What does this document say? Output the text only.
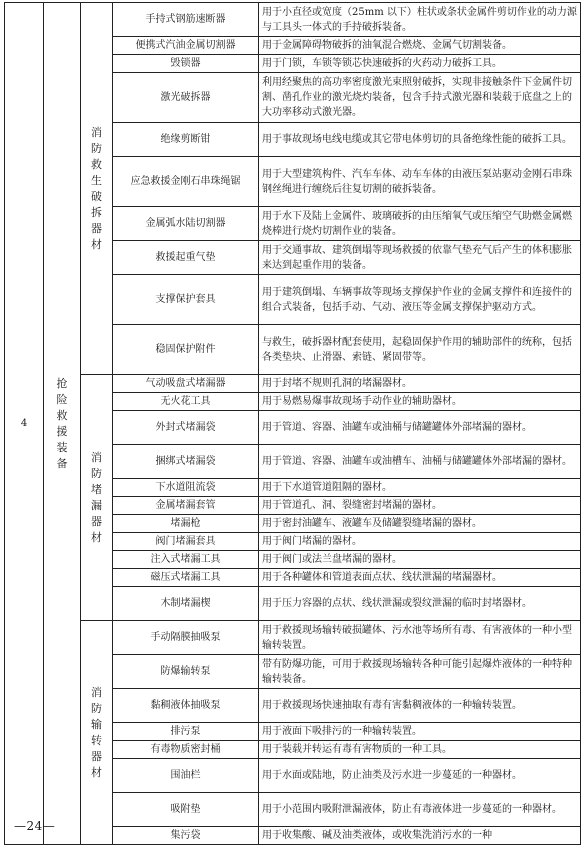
4	抢险救援装备	消防救生破拆器材	手持式钢筋速断器	用于小直径或宽度（25mm 以下）柱状或条状金属件剪切作业的动力源与工具头一体式的手持破拆装备。
			便携式汽油金属切割器	用于金属障碍物破拆的油氧混合燃烧、金属气切割装备。
			毁锁器	用于门锁，车锁等锁芯快速破拆的火药动力破拆工具。
			激光破拆器	利用经聚焦的高功率密度激光束照射破拆，实现非接触条件下金属件切割、凿孔作业的激光烧灼装备，包含手持式激光器和装载于底盘之上的大功率移动式激光器。
			绝缘剪断钳	用于事故现场电线电缆或其它带电体剪切的具备绝缘性能的破拆工具。
			应急救援金刚石串珠绳锯	用于大型建筑构件、汽车车体、动车车体的由液压泵站驱动金刚石串珠钢丝绳进行缠绕后往复切割的破拆装备。
			金属弧水陆切割器	用于水下及陆上金属件、玻璃破拆的由压缩氧气或压缩空气助燃金属燃烧棒进行烧灼切割作业的装备。
			救援起重气垫	用于交通事故、建筑倒塌等现场救援的依靠气垫充气后产生的体积膨胀来达到起重作用的装备。
			支撑保护套具	用于建筑倒塌、车辆事故等现场支撑保护作业的金属支撑件和连接件的组合式装备，包括手动、气动、液压等金属支撑保护驱动方式。
			稳固保护附件	与救生，破拆器材配套使用，起稳固保护作用的辅助部件的统称，包括各类垫块、止滑器、索链、紧固带等。

		消防堵漏器材	气动吸盘式堵漏器	用于封堵不规则孔洞的堵漏器材。
			无火花工具	用于易燃易爆事故现场手动作业的辅助器材。
			外封式堵漏袋	用于管道、容器、油罐车或油桶与储罐罐体外部堵漏的器材。
			捆绑式堵漏袋	用于管道、容器、油罐车或油槽车、油桶与储罐罐体外部堵漏的器材。
			下水道阻流袋	用于下水道管道阻隔的器材。
			金属堵漏套管	用于管道孔、洞、裂缝密封堵漏的器材。
			堵漏枪	用于密封油罐车、液罐车及储罐裂缝堵漏的器材。
			阀门堵漏套具	用于阀门堵漏的器材。
			注入式堵漏工具	用于阀门或法兰盘堵漏的器材。
			磁压式堵漏工具	用于各种罐体和管道表面点状、线状泄漏的堵漏器材。
			木制堵漏楔	用于压力容器的点状、线状泄漏或裂纹泄漏的临时封堵器材。

		消防输转器材	手动隔膜抽吸泵	用于救援现场输转破损罐体、污水池等场所有毒、有害液体的一种小型输转装置。
			防爆输转泵	带有防爆功能，可用于救援现场输转各种可能引起爆炸液体的一种特种输转装备。
			黏稠液体抽吸泵	用于救援现场快速抽取有毒有害黏稠液体的一种输转装置。
			排污泵	用于液面下吸排污的一种输转装置。
			有毒物质密封桶	用于装载并转运有毒有害物质的一种工具。
			围油栏	用于水面或陆地，防止油类及污水进一步蔓延的一种器材。
			吸附垫	用于小范围内吸附泄漏液体，防止有毒液体进一步蔓延的一种器材。
			集污袋	用于收集酸、碱及油类液体，或收集洗消污水的一种
—24—
